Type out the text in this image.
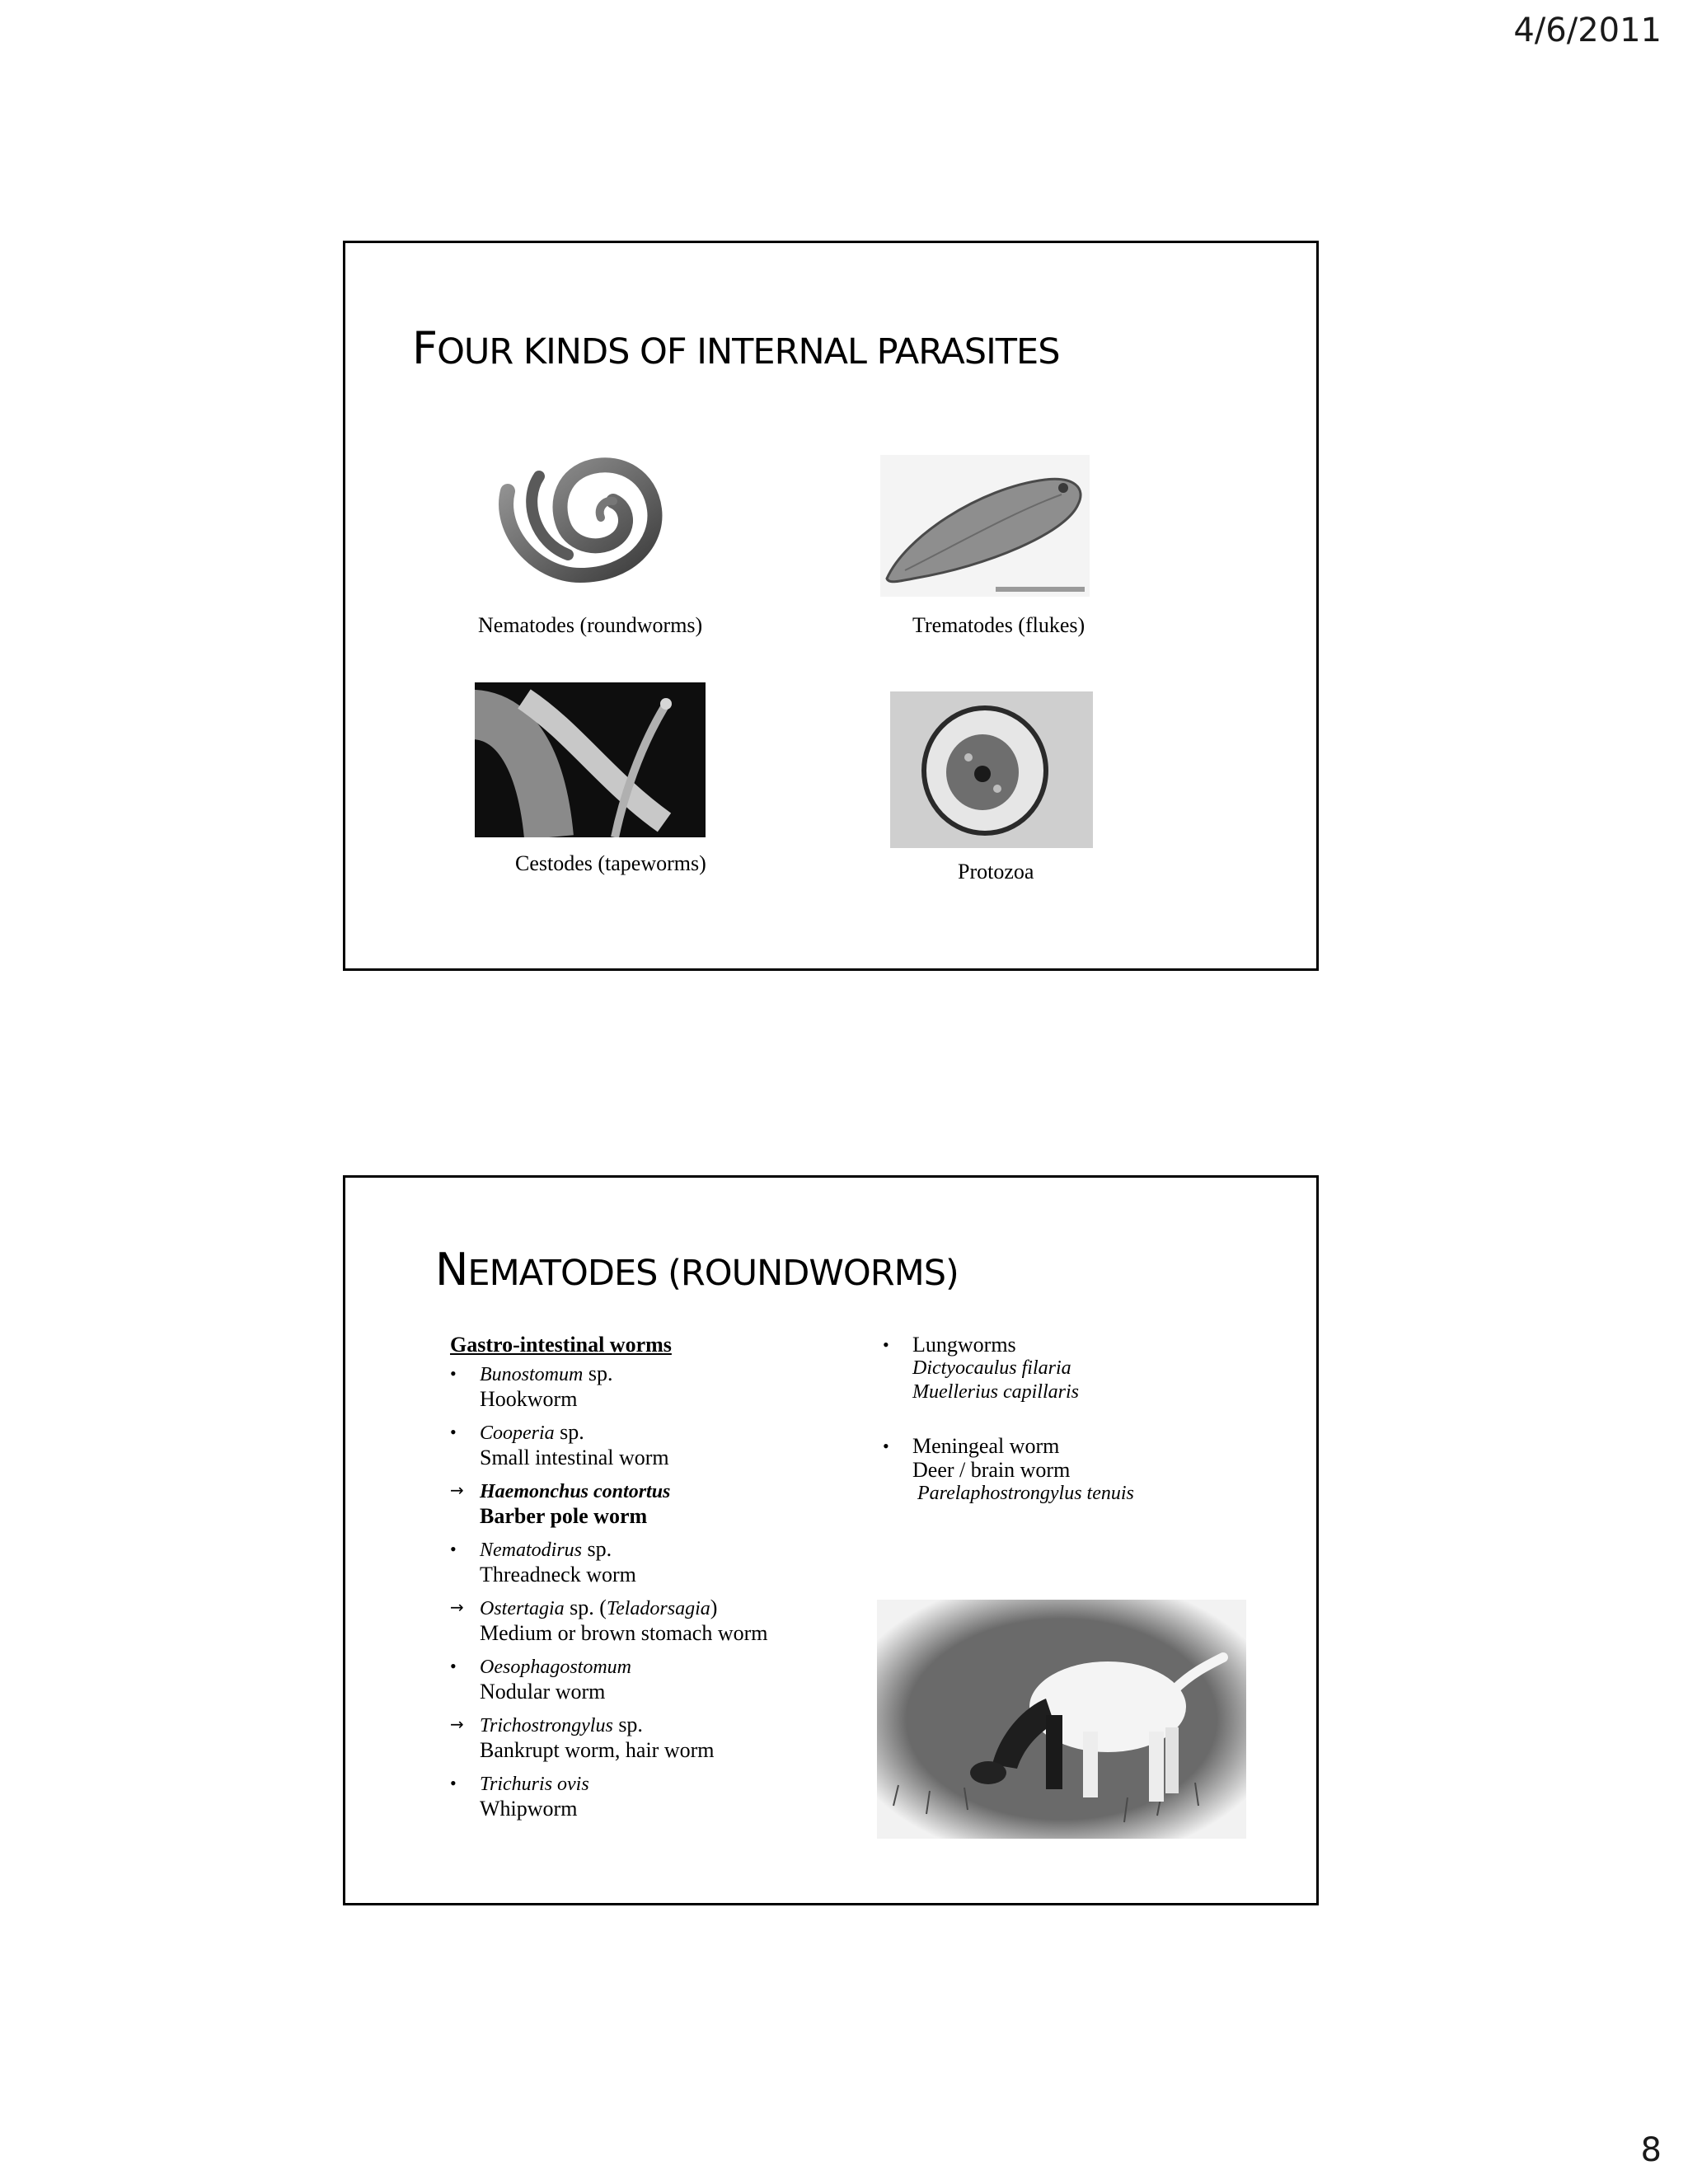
4/6/2011
FOUR KINDS OF INTERNAL PARASITES
Nematodes (roundworms)	Trematodes (flukes)
Cestodes (tapeworms)	Protozoa
NEMATODES (ROUNDWORMS)
Gastro-intestinal worms
•	Bunostomum sp.
Hookworm
•	Cooperia sp.
Small intestinal worm
→ Haemonchus contortus
Barber pole worm
•	Nematodirus sp.
Threadneck worm
→ Ostertagia sp. (Teladorsagia)
Medium or brown stomach worm
•	Oesophagostomum
Nodular worm
→ Trichostrongylus sp.
Bankrupt worm, hair worm
•	Trichuris ovis
Whipworm
•	Lungworms
Dictyocaulus filaria
Muellerius capillaris
•	Meningeal worm
Deer / brain worm
Parelaphostrongylus tenuis
8
